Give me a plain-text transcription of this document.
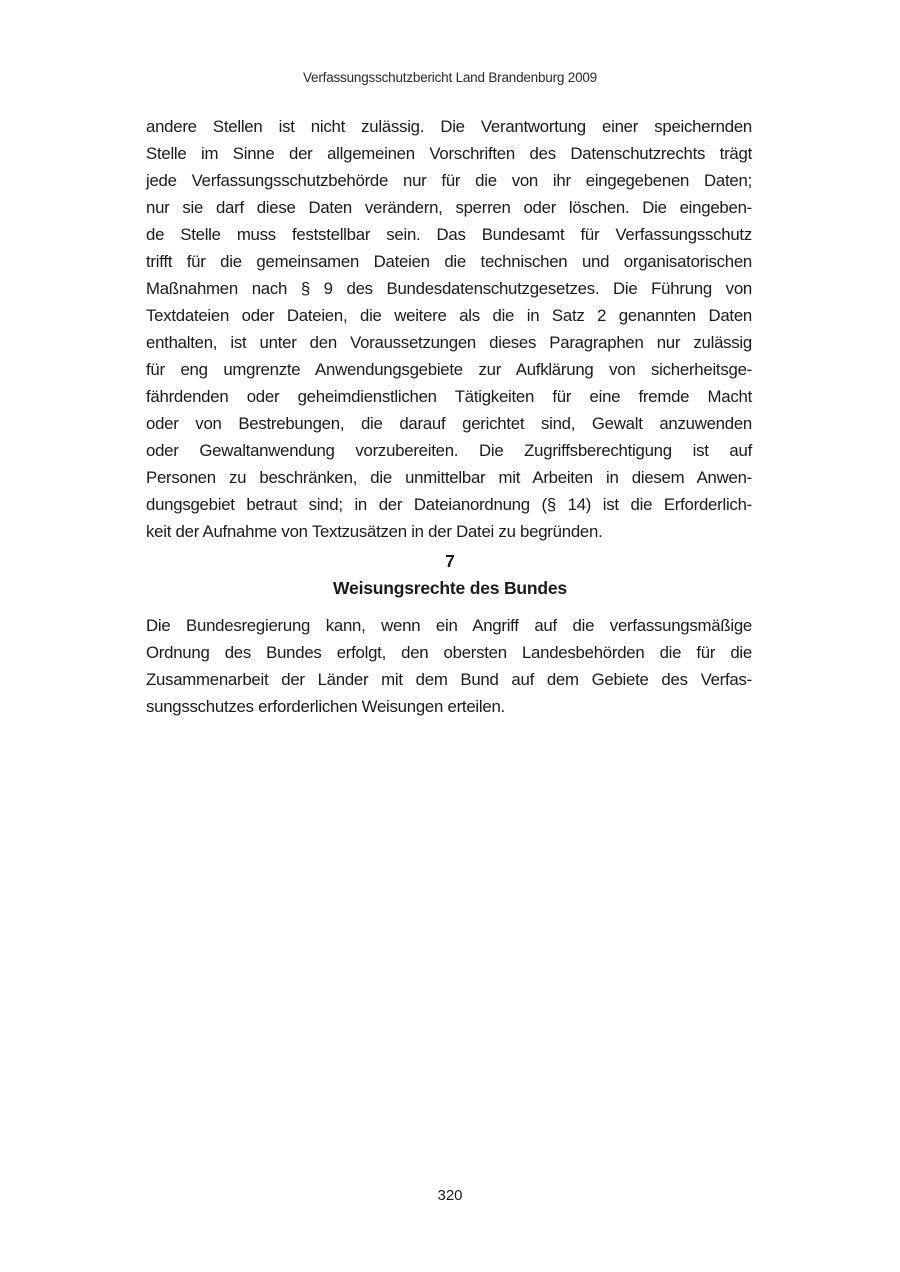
Verfassungsschutzbericht Land Brandenburg 2009
andere Stellen ist nicht zulässig. Die Verantwortung einer speichernden
Stelle im Sinne der allgemeinen Vorschriften des Datenschutzrechts trägt
jede Verfassungsschutzbehörde nur für die von ihr eingegebenen Daten;
nur sie darf diese Daten verändern, sperren oder löschen. Die eingeben-
de Stelle muss feststellbar sein. Das Bundesamt für Verfassungsschutz
trifft für die gemeinsamen Dateien die technischen und organisatorischen
Maßnahmen nach § 9 des Bundesdatenschutzgesetzes. Die Führung von
Textdateien oder Dateien, die weitere als die in Satz 2 genannten Daten
enthalten, ist unter den Voraussetzungen dieses Paragraphen nur zulässig
für eng umgrenzte Anwendungsgebiete zur Aufklärung von sicherheitsge-
fährdenden oder geheimdienstlichen Tätigkeiten für eine fremde Macht
oder von Bestrebungen, die darauf gerichtet sind, Gewalt anzuwenden
oder Gewaltanwendung vorzubereiten. Die Zugriffsberechtigung ist auf
Personen zu beschränken, die unmittelbar mit Arbeiten in diesem Anwen-
dungsgebiet betraut sind; in der Dateianordnung (§ 14) ist die Erforderlich-
keit der Aufnahme von Textzusätzen in der Datei zu begründen.
7
Weisungsrechte des Bundes
Die Bundesregierung kann, wenn ein Angriff auf die verfassungsmäßige
Ordnung des Bundes erfolgt, den obersten Landesbehörden die für die
Zusammenarbeit der Länder mit dem Bund auf dem Gebiete des Verfas-
sungsschutzes erforderlichen Weisungen erteilen.
320
